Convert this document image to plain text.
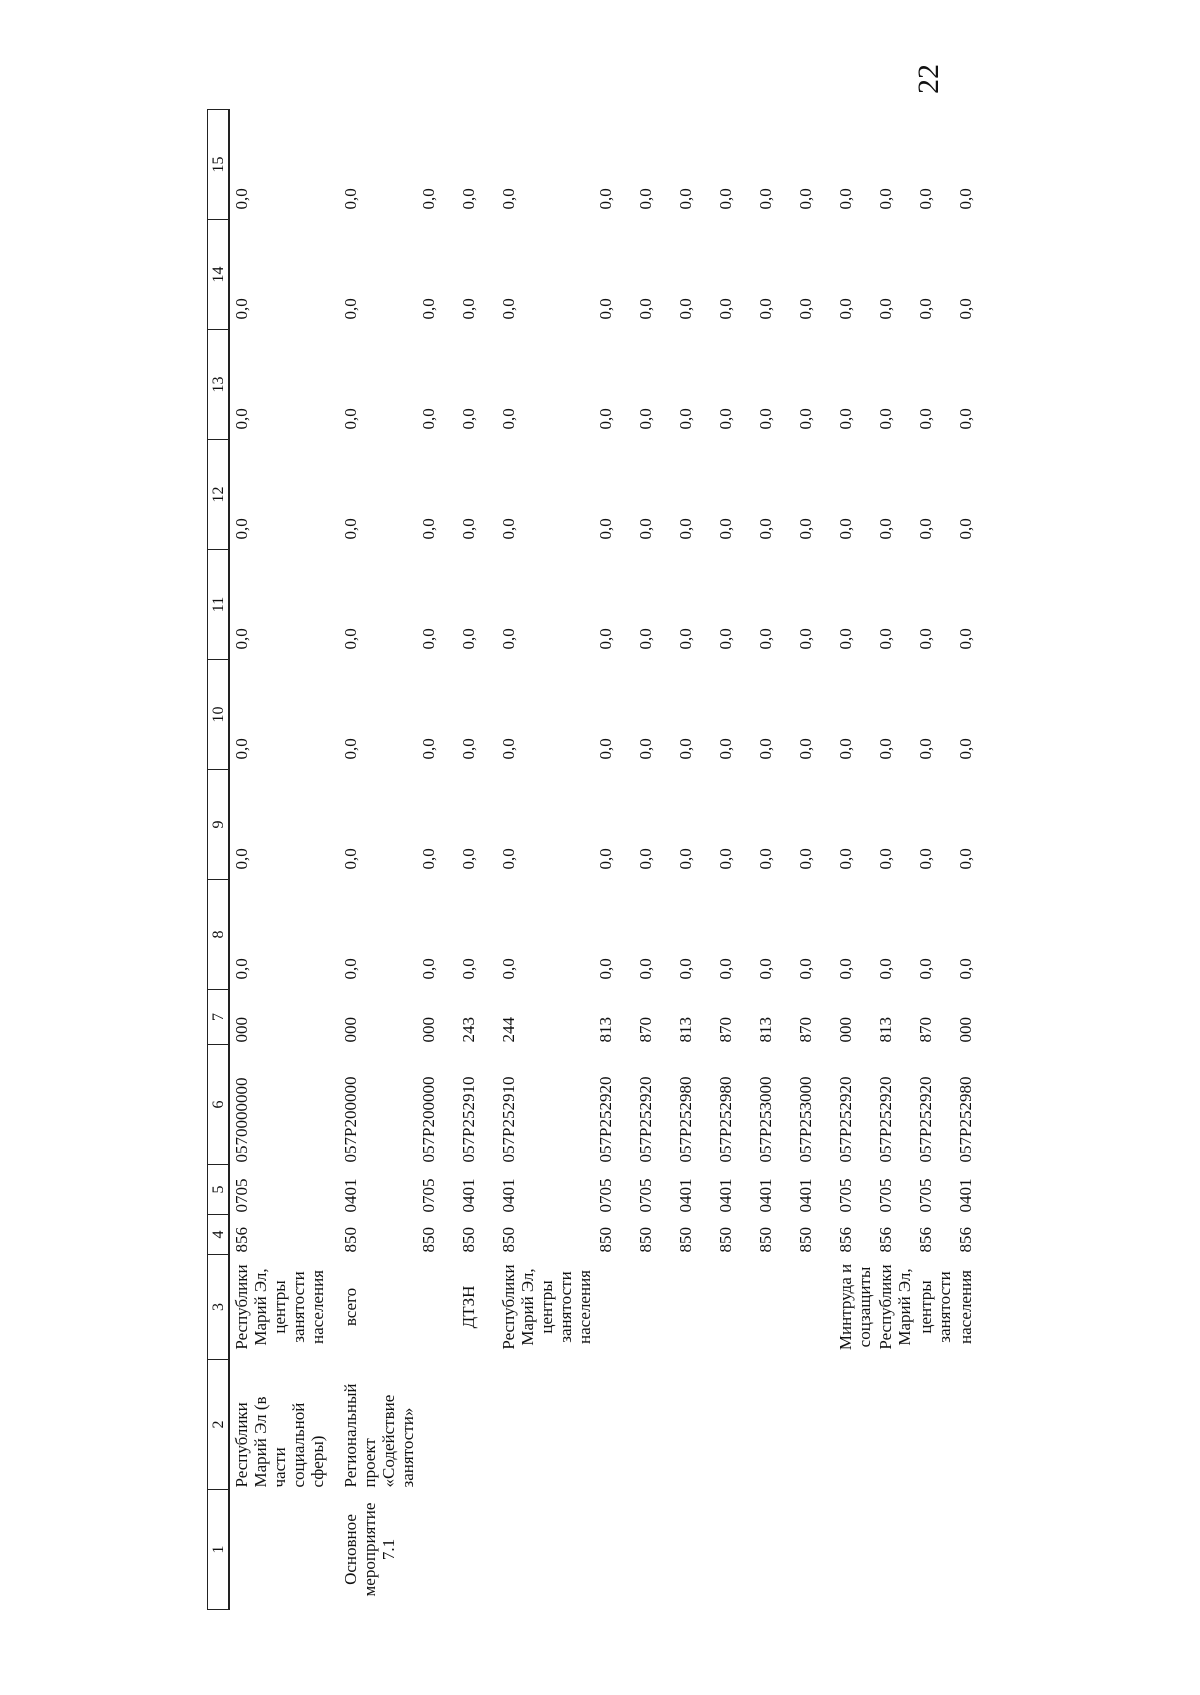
22
1	2	3	4	5	6	7	8	9	10	11	12	13	14	15
	Республики Марий Эл (в части социальной сферы)	Республики Марий Эл, центры занятости населения	856	0705	0570000000	000	0,0	0,0	0,0	0,0	0,0	0,0	0,0	0,0
Основное мероприятие 7.1	Региональный проект «Содействие занятости»	всего	850	0401	057P200000	000	0,0	0,0	0,0	0,0	0,0	0,0	0,0	0,0
			850	0705	057P200000	000	0,0	0,0	0,0	0,0	0,0	0,0	0,0	0,0
		ДТЗН	850	0401	057P252910	243	0,0	0,0	0,0	0,0	0,0	0,0	0,0	0,0
		Республики Марий Эл, центры занятости населения	850	0401	057P252910	244	0,0	0,0	0,0	0,0	0,0	0,0	0,0	0,0
			850	0705	057P252920	813	0,0	0,0	0,0	0,0	0,0	0,0	0,0	0,0
			850	0705	057P252920	870	0,0	0,0	0,0	0,0	0,0	0,0	0,0	0,0
			850	0401	057P252980	813	0,0	0,0	0,0	0,0	0,0	0,0	0,0	0,0
			850	0401	057P252980	870	0,0	0,0	0,0	0,0	0,0	0,0	0,0	0,0
			850	0401	057P253000	813	0,0	0,0	0,0	0,0	0,0	0,0	0,0	0,0
			850	0401	057P253000	870	0,0	0,0	0,0	0,0	0,0	0,0	0,0	0,0
		Минтруда и соцзащиты	856	0705	057P252920	000	0,0	0,0	0,0	0,0	0,0	0,0	0,0	0,0
		Республики Марий Эл,	856	0705	057P252920	813	0,0	0,0	0,0	0,0	0,0	0,0	0,0	0,0
		центры занятости	856	0705	057P252920	870	0,0	0,0	0,0	0,0	0,0	0,0	0,0	0,0
		населения	856	0401	057P252980	000	0,0	0,0	0,0	0,0	0,0	0,0	0,0	0,0
